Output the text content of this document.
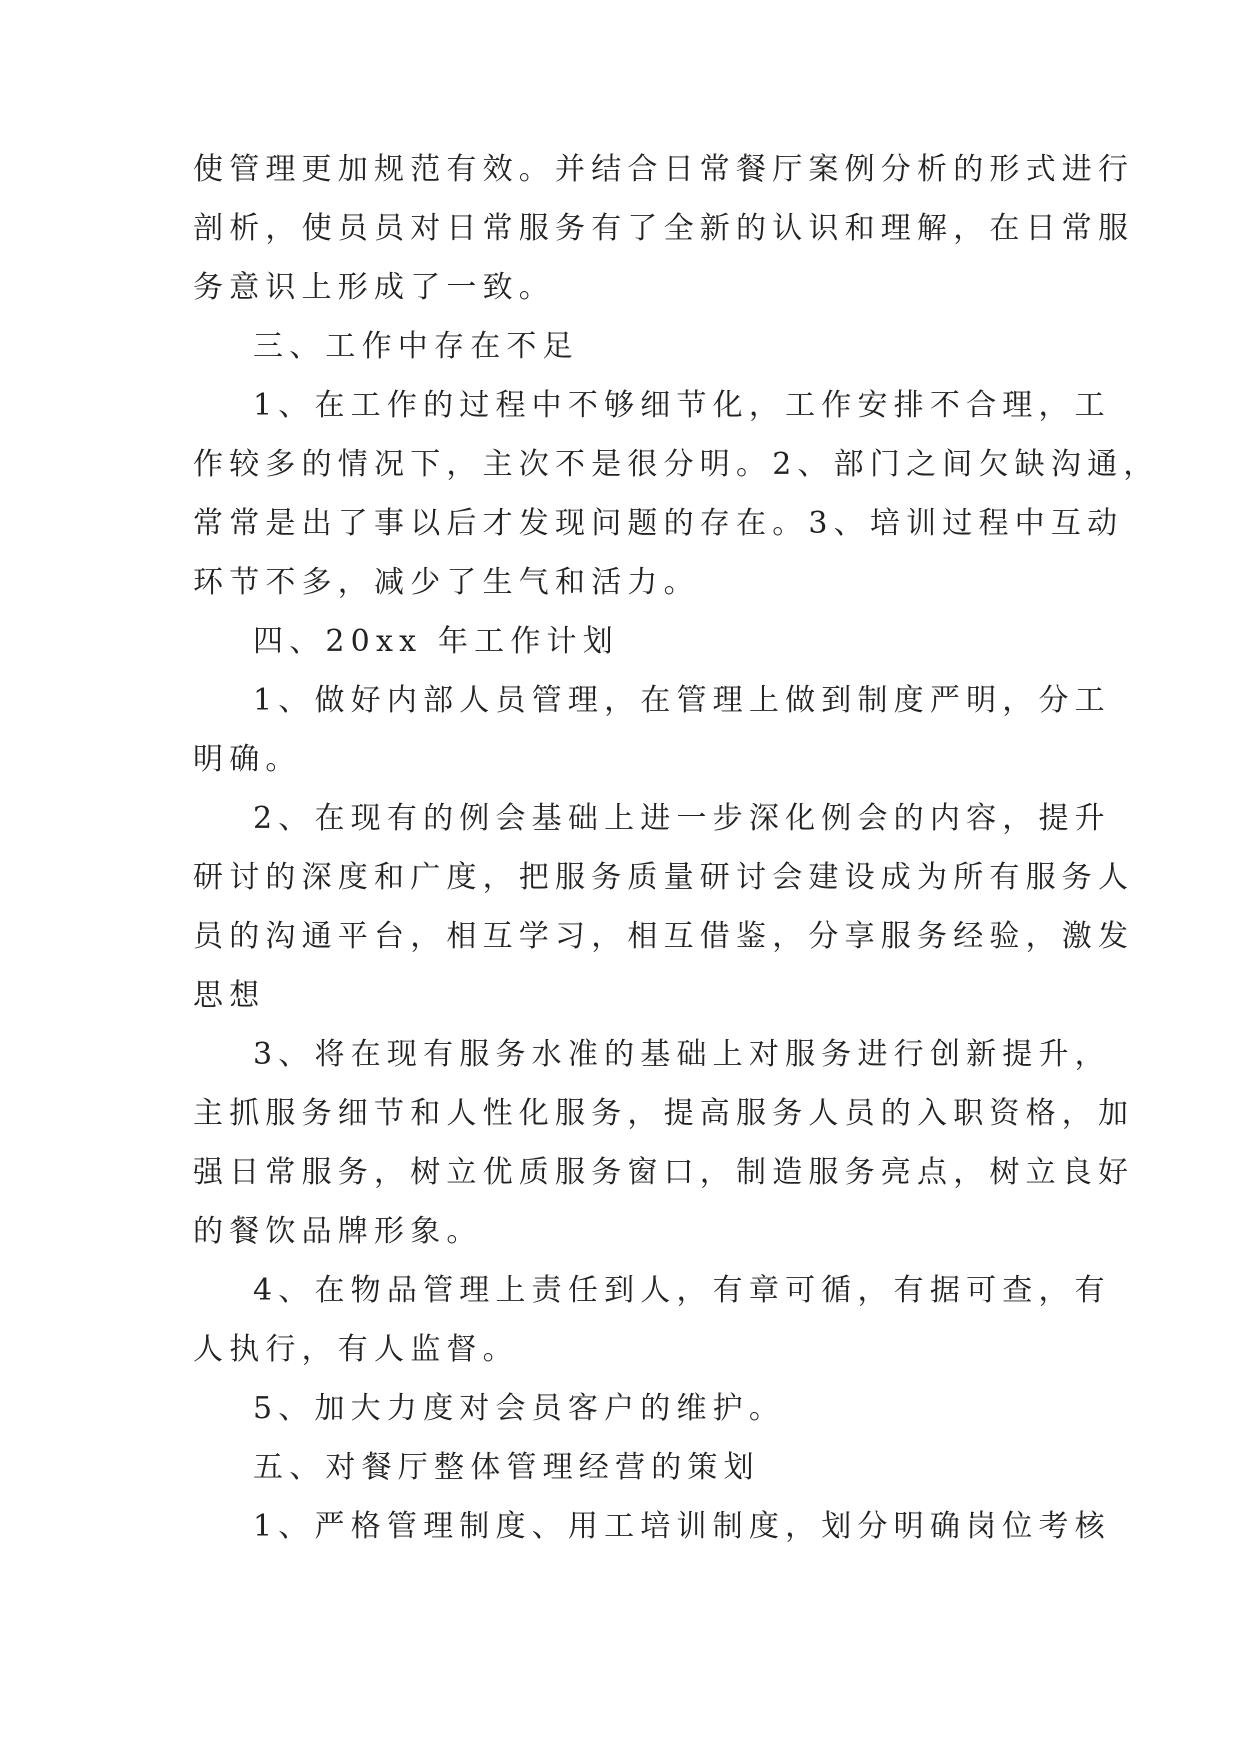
使管理更加规范有效。并结合日常餐厅案例分析的形式进行
剖析，使员员对日常服务有了全新的认识和理解，在日常服
务意识上形成了一致。
三、工作中存在不足
1、在工作的过程中不够细节化，工作安排不合理，工
作较多的情况下，主次不是很分明。2、部门之间欠缺沟通，
常常是出了事以后才发现问题的存在。3、培训过程中互动
环节不多，减少了生气和活力。
四、20xx 年工作计划
1、做好内部人员管理，在管理上做到制度严明，分工
明确。
2、在现有的例会基础上进一步深化例会的内容，提升
研讨的深度和广度，把服务质量研讨会建设成为所有服务人
员的沟通平台，相互学习，相互借鉴，分享服务经验，激发
思想
3、将在现有服务水准的基础上对服务进行创新提升，
主抓服务细节和人性化服务，提高服务人员的入职资格，加
强日常服务，树立优质服务窗口，制造服务亮点，树立良好
的餐饮品牌形象。
4、在物品管理上责任到人，有章可循，有据可查，有
人执行，有人监督。
5、加大力度对会员客户的维护。
五、对餐厅整体管理经营的策划
1、严格管理制度、用工培训制度，划分明确岗位考核
